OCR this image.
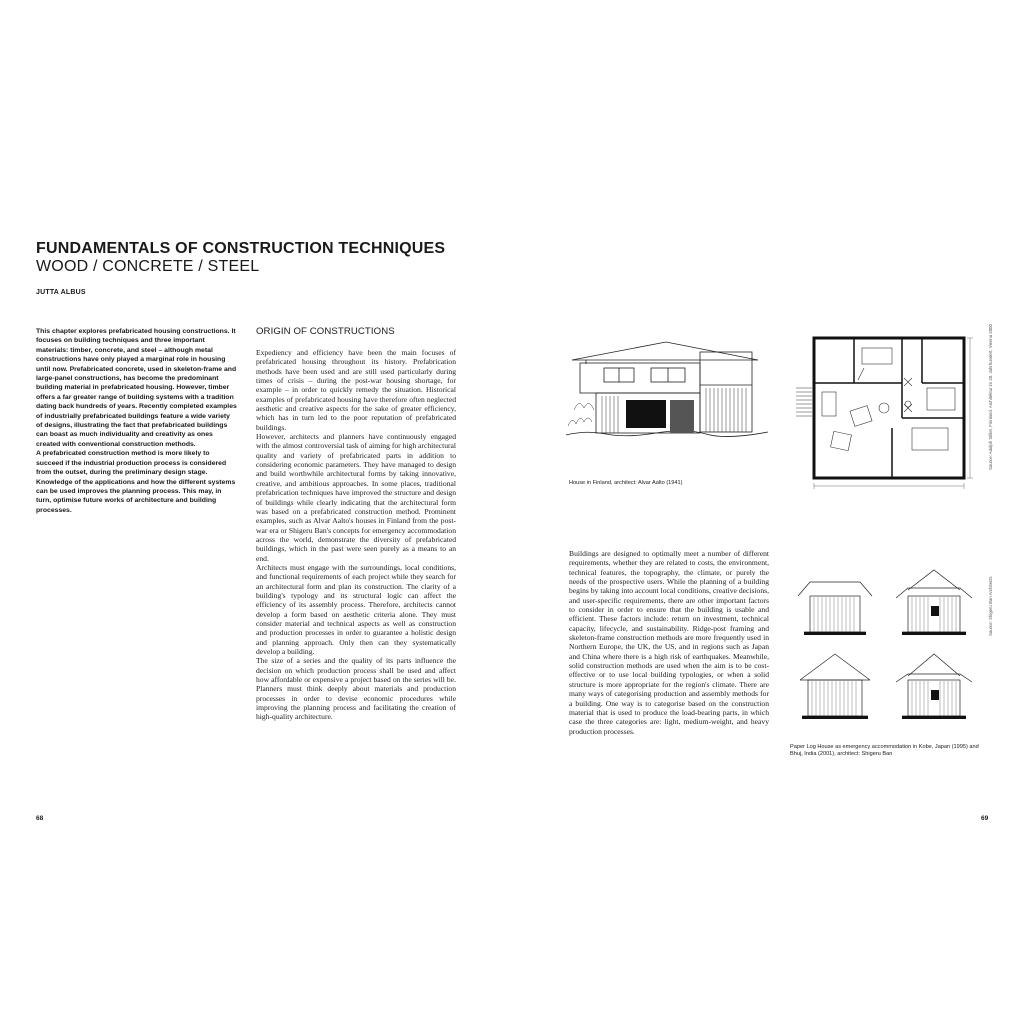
FUNDAMENTALS OF CONSTRUCTION TECHNIQUES
WOOD / CONCRETE / STEEL
JUTTA ALBUS

This chapter explores prefabricated housing constructions. It focuses on building techniques and three important materials: timber, concrete, and steel – although metal constructions have only played a marginal role in housing until now. Prefabricated concrete, used in skeleton-frame and large-panel constructions, has become the predominant building material in prefabricated housing. However, timber offers a far greater range of building systems with a tradition dating back hundreds of years. Recently completed examples of industrially prefabricated buildings feature a wide variety of designs, illustrating the fact that prefabricated buildings can boast as much individuality and creativity as ones created with conventional construction methods.

A prefabricated construction method is more likely to succeed if the industrial production process is considered from the outset, during the preliminary design stage. Knowledge of the applications and how the different systems can be used improves the planning process. This may, in turn, optimise future works of architecture and building processes.

ORIGIN OF CONSTRUCTIONS

Expediency and efficiency have been the main focuses of prefabricated housing throughout its history. Prefabrication methods have been used and are still used particularly during times of crisis – during the post-war housing shortage, for example – in order to quickly remedy the situation. Historical examples of prefabricated housing have therefore often neglected aesthetic and creative aspects for the sake of greater efficiency, which has in turn led to the poor reputation of prefabricated buildings.

However, architects and planners have continuously engaged with the almost controversial task of aiming for high architectural quality and variety of prefabricated parts in addition to considering economic parameters. They have managed to design and build worthwhile architectural forms by taking innovative, creative, and ambitious approaches. In some places, traditional prefabrication techniques have improved the structure and design of buildings while clearly indicating that the architectural form was based on a prefabricated construction method. Prominent examples, such as Alvar Aalto's houses in Finland from the post-war era or Shigeru Ban's concepts for emergency accommodation across the world, demonstrate the diversity of prefabricated buildings, which in the past were seen purely as a means to an end.

Architects must engage with the surroundings, local conditions, and functional requirements of each project while they search for an architectural form and plan its construction. The clarity of a building's typology and its structural logic can affect the efficiency of its assembly process. Therefore, architects cannot develop a form based on aesthetic criteria alone. They must consider material and technical aspects as well as construction and production processes in order to guarantee a holistic design and planning approach. Only then can they systematically develop a building.

The size of a series and the quality of its parts influence the decision on which production process shall be used and affect how affordable or expensive a project based on the series will be. Planners must think deeply about materials and production processes in order to devise economic procedures while improving the planning process and facilitating the creation of high-quality architecture.

68
House in Finland, architect: Alvar Aalto (1941)
Source: Adolph Stiller, Finnland. Architektur im 20. Jahrhundert, Vienna 2000

Buildings are designed to optimally meet a number of different requirements, whether they are related to costs, the environment, technical features, the topography, the climate, or purely the needs of the prospective users. While the planning of a building begins by taking into account local conditions, creative decisions, and user-specific requirements, there are other important factors to consider in order to ensure that the building is usable and efficient. These factors include: return on investment, technical capacity, lifecycle, and sustainability. Ridge-post framing and skeleton-frame construction methods are more frequently used in Northern Europe, the UK, the US, and in regions such as Japan and China where there is a high risk of earthquakes. Meanwhile, solid construction methods are used when the aim is to be cost-effective or to use local building typologies, or when a solid structure is more appropriate for the region's climate. There are many ways of categorising production and assembly methods for a building. One way is to categorise based on the construction material that is used to produce the load-bearing parts, in which case the three categories are: light, medium-weight, and heavy production processes.

Source: Shigeru Ban Architects
Paper Log House as emergency accommodation in Kobe, Japan (1995) and Bhuj, India (2001), architect: Shigeru Ban
69
